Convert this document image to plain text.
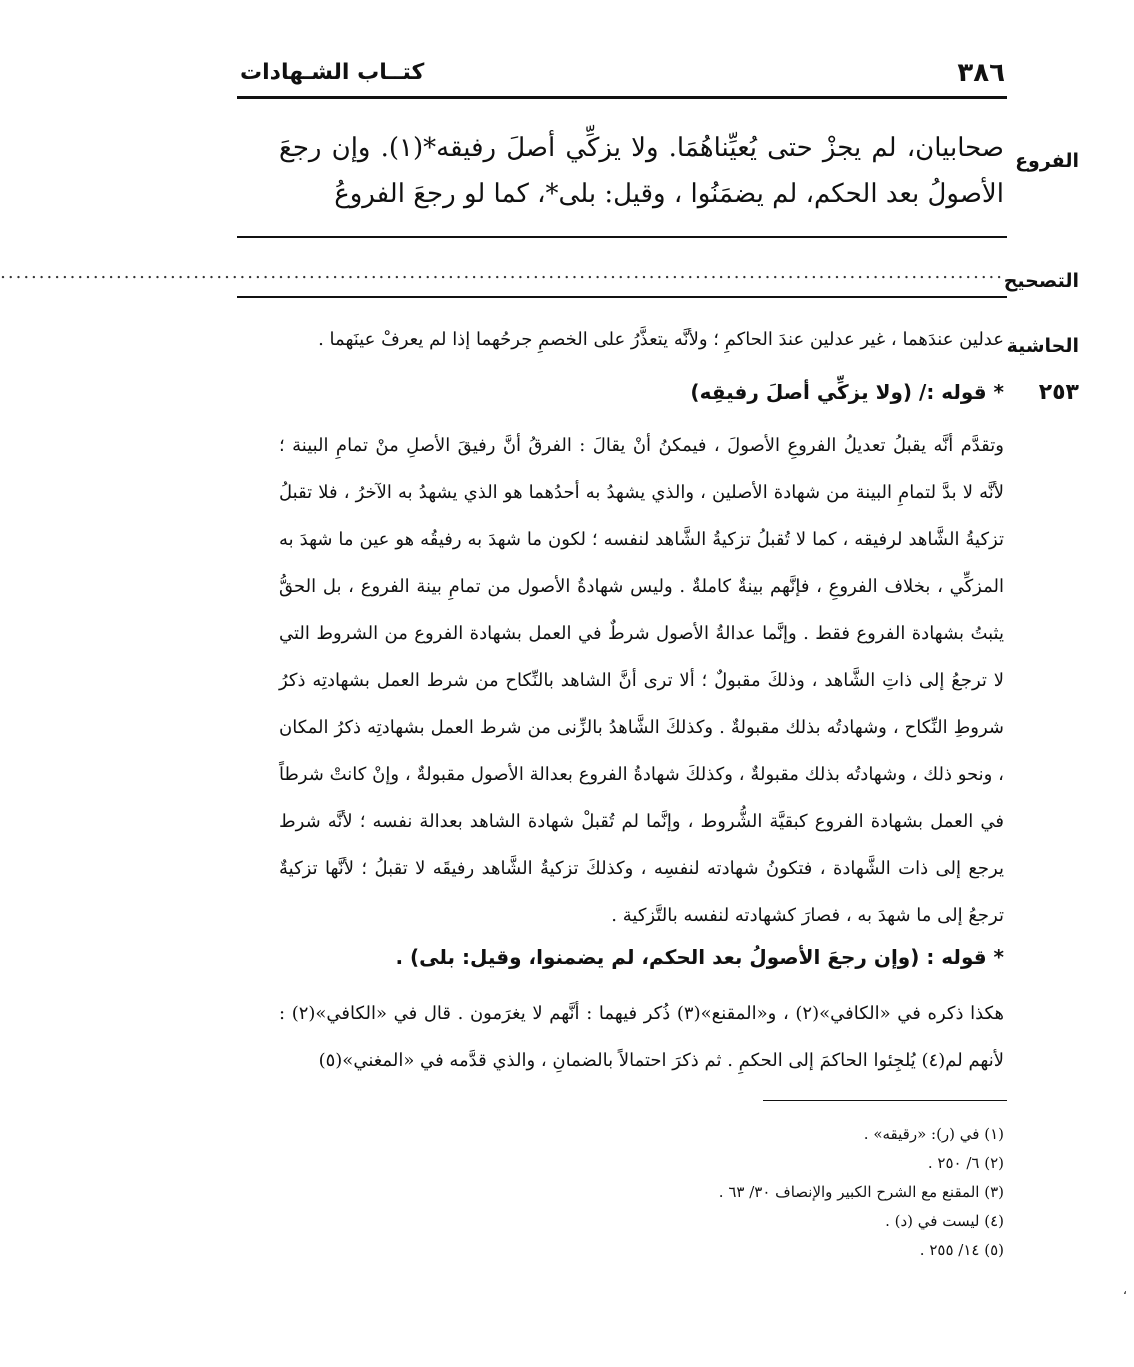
٣٨٦
كتــاب الشـهادات
الفروع
صحابيان، لم يجزْ حتى يُعيِّناهُمَا. ولا يزكِّي أصلَ رفيقه*(١). وإن رجعَ الأصولُ بعد الحكم، لم يضمَنُوا ، وقيل: بلى*، كما لو رجعَ الفروعُ
التصحيح
..................................................................................................................................
الحاشية
عدلين عندَهما ، غير عدلين عندَ الحاكمِ ؛ ولأنَّه يتعذَّرُ على الخصمِ جرحُهما إذا لم يعرفْ عينَهما .
٢٥٣
* قوله :/ (ولا يزكِّي أصلَ رفيقِه)
وتقدَّم أنَّه يقبلُ تعديلُ الفروعِ الأصولَ ، فيمكنُ أنْ يقالَ : الفرقُ أنَّ رفيقَ الأصلِ منْ تمامِ البينة ؛ لأنَّه لا بدَّ لتمامِ البينة من شهادة الأصلين ، والذي يشهدُ به أحدُهما هو الذي يشهدُ به الآخرُ ، فلا تقبلُ تزكيةُ الشَّاهد لرفيقه ، كما لا تُقبلُ تزكيةُ الشَّاهد لنفسه ؛ لكون ما شهدَ به رفيقُه هو عين ما شهدَ به المزكِّي ، بخلاف الفروعِ ، فإنَّهم بينةٌ كاملةٌ . وليس شهادةُ الأصول من تمامِ بينة الفروع ، بل الحقُّ يثبتُ بشهادة الفروع فقط . وإنَّما عدالةُ الأصول شرطٌ في العمل بشهادة الفروع من الشروط التي لا ترجعُ إلى ذاتِ الشَّاهد ، وذلكَ مقبولٌ ؛ ألا ترى أنَّ الشاهد بالنِّكاح من شرط العمل بشهادتِه ذكرُ شروطِ النِّكاح ، وشهادتُه بذلك مقبولةٌ . وكذلكَ الشَّاهدُ بالزِّنى من شرط العمل بشهادتِه ذكرُ المكان ، ونحو ذلك ، وشهادتُه بذلك مقبولةٌ ، وكذلكَ شهادةُ الفروع بعدالة الأصول مقبولةٌ ، وإنْ كانتْ شرطاً في العمل بشهادة الفروع كبقيَّة الشُّروط ، وإنَّما لم تُقبلْ شهادة الشاهد بعدالة نفسه ؛ لأنَّه شرط يرجع إلى ذات الشَّهادة ، فتكونُ شهادته لنفسِه ، وكذلكَ تزكيةُ الشَّاهد رفيقَه لا تقبلُ ؛ لأنَّها تزكيةٌ ترجعُ إلى ما شهدَ به ، فصارَ كشهادته لنفسه بالتَّزكية .
* قوله : (وإن رجعَ الأصولُ بعد الحكم، لم يضمنوا، وقيل: بلى) .
هكذا ذكره في «الكافي»(٢) ، و«المقنع»(٣) ذُكر فيهما : أنَّهم لا يغرَمون . قال في «الكافي»(٢) : لأنهم لم(٤) يُلجِئوا الحاكمَ إلى الحكمِ . ثم ذكرَ احتمالاً بالضمانِ ، والذي قدَّمه في «المغني»(٥)
(١) في (ر): «رقيقه» .
(٢) ٦/ ٢٥٠ .
(٣) المقنع مع الشرح الكبير والإنصاف ٣٠/ ٦٣ .
(٤) ليست في (د) .
(٥) ١٤/ ٢٥٥ .
،
